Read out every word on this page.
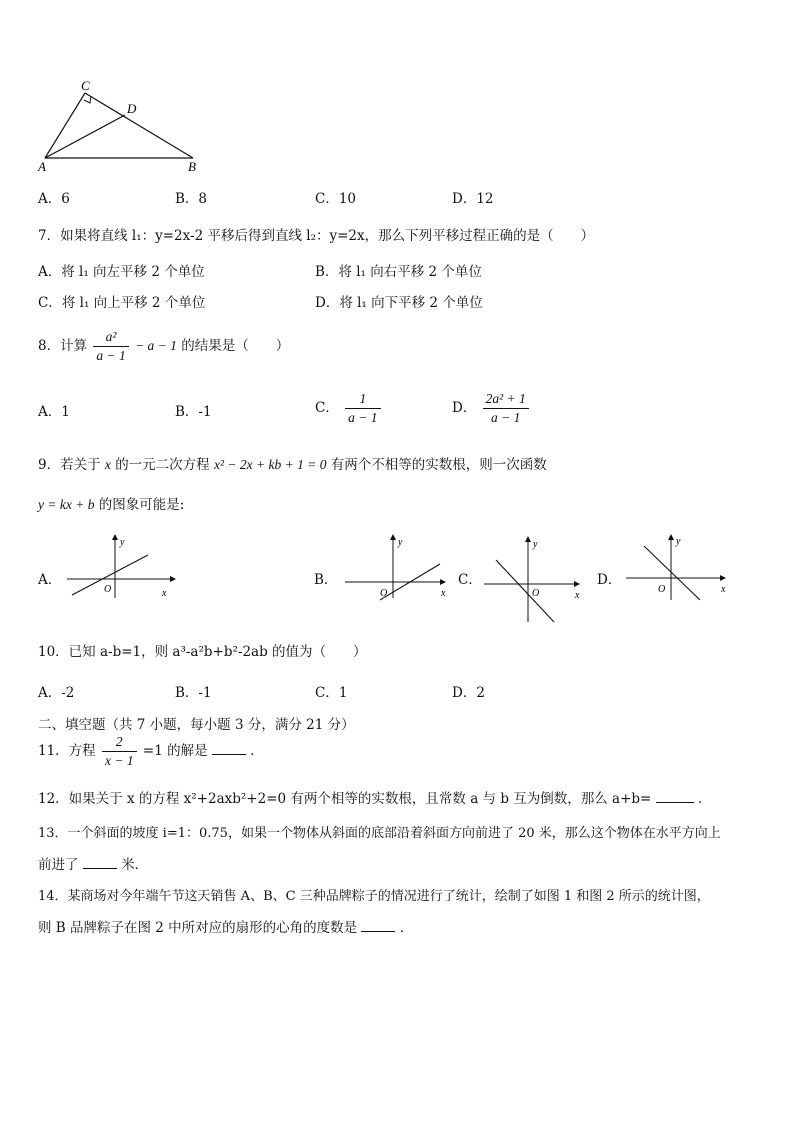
C
D
A	B
A．6	B．8	C．10	D．12
7．如果将直线 l₁：y=2x-2 平移后得到直线 l₂：y=2x，那么下列平移过程正确的是（　　）
A．将 l₁ 向左平移 2 个单位	B．将 l₁ 向右平移 2 个单位
C．将 l₁ 向上平移 2 个单位	D．将 l₁ 向下平移 2 个单位
8．计算 $\frac{\text{a²}}{a - 1} - a - 1$ 的结果是（　　）
A．1	B．-1	C． $\frac{1}{a - 1}$	D． $\frac{\text{2a² + 1}}{a - 1}$
9．若关于 x 的一元二次方程 x² − 2x + kb + 1 = 0 有两个不相等的实数根，则一次函数
y = kx + b 的图象可能是:
A．	B．	C．	D．
y
x
O
y
x
O
y
x
O
y
x
O
10．已知 a-b=1，则 a³-a²b+b²-2ab 的值为（　　）
A．-2	B．-1	C．1	D．2
二、填空题（共 7 小题，每小题 3 分，满分 21 分）
11．方程 $\frac{2}{x - 1} =1$ 的解是	．
12．如果关于 x 的方程 x²+2axb²+2=0 有两个相等的实数根，且常数 a 与 b 互为倒数，那么 a+b=	．
13．一个斜面的坡度 i=1：0.75，如果一个物体从斜面的底部沿着斜面方向前进了 20 米，那么这个物体在水平方向上
前进了	米．
14．某商场对今年端午节这天销售 A、B、C 三种品牌粽子的情况进行了统计，绘制了如图 1 和图 2 所示的统计图，
则 B 品牌粽子在图 2 中所对应的扇形的心角的度数是	．
